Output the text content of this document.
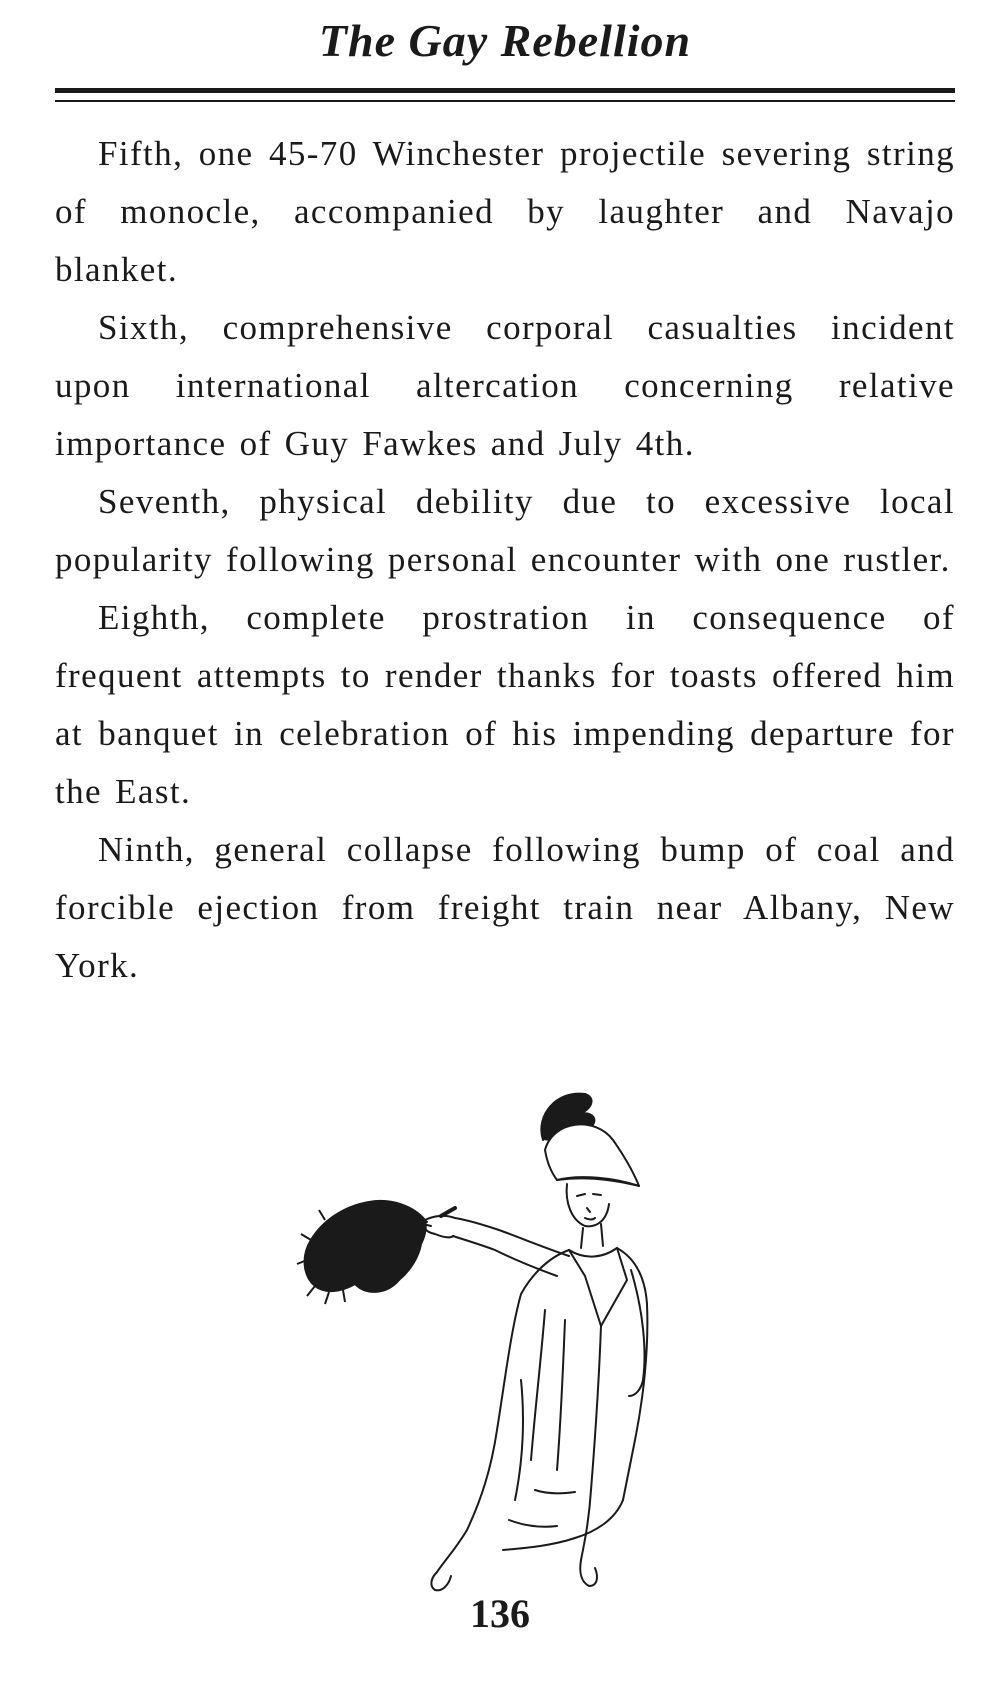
The Gay Rebellion

Fifth, one 45-70 Winchester projectile severing string of monocle, accompanied by laughter and Navajo blanket.

Sixth, comprehensive corporal casualties incident upon international altercation concerning relative importance of Guy Fawkes and July 4th.

Seventh, physical debility due to excessive local popularity following personal encounter with one rustler.

Eighth, complete prostration in consequence of frequent attempts to render thanks for toasts offered him at banquet in celebration of his impending departure for the East.

Ninth, general collapse following bump of coal and forcible ejection from freight train near Albany, New York.

136
